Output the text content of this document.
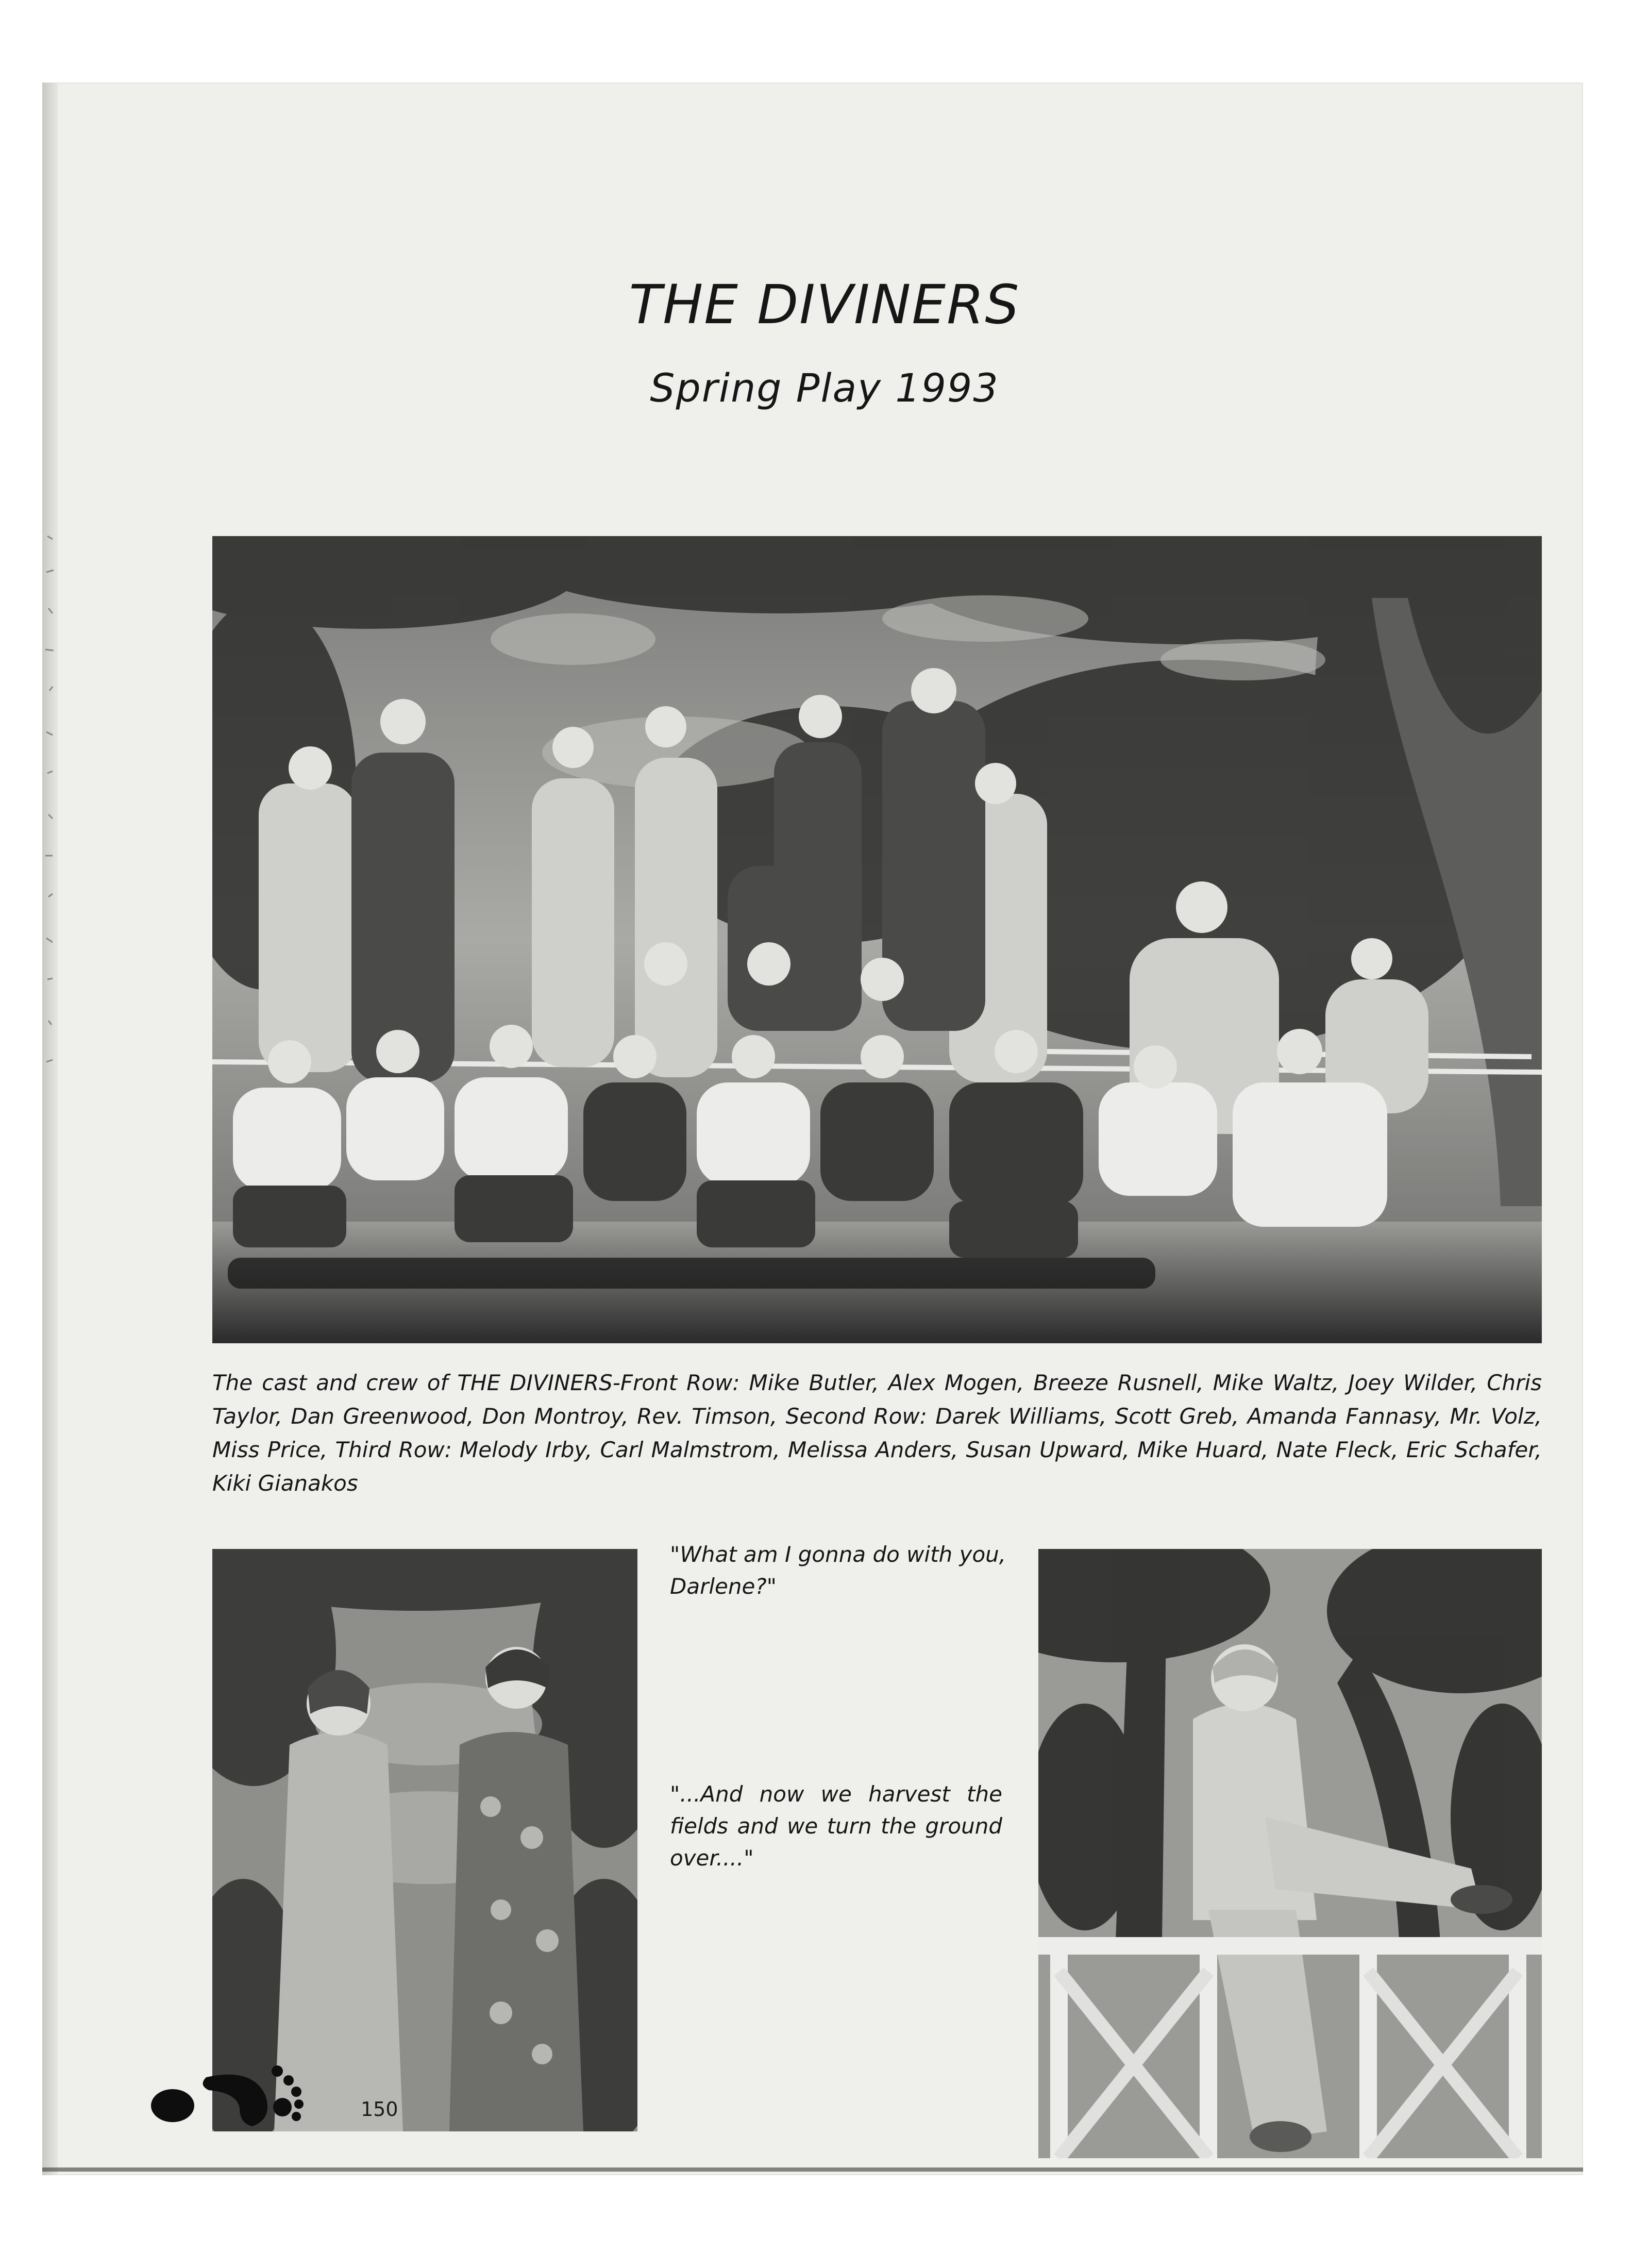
THE DIVINERS
Spring Play 1993

The cast and crew of THE DIVINERS-Front Row: Mike Butler, Alex Mogen, Breeze Rusnell, Mike Waltz, Joey Wilder, Chris Taylor, Dan Greenwood, Don Montroy, Rev. Timson, Second Row: Darek Williams, Scott Greb, Amanda Fannasy, Mr. Volz, Miss Price, Third Row: Melody Irby, Carl Malmstrom, Melissa Anders, Susan Upward, Mike Huard, Nate Fleck, Eric Schafer, Kiki Gianakos

"What am I gonna do with you, Darlene?"

"...And now we harvest the fields and we turn the ground over...."

150
